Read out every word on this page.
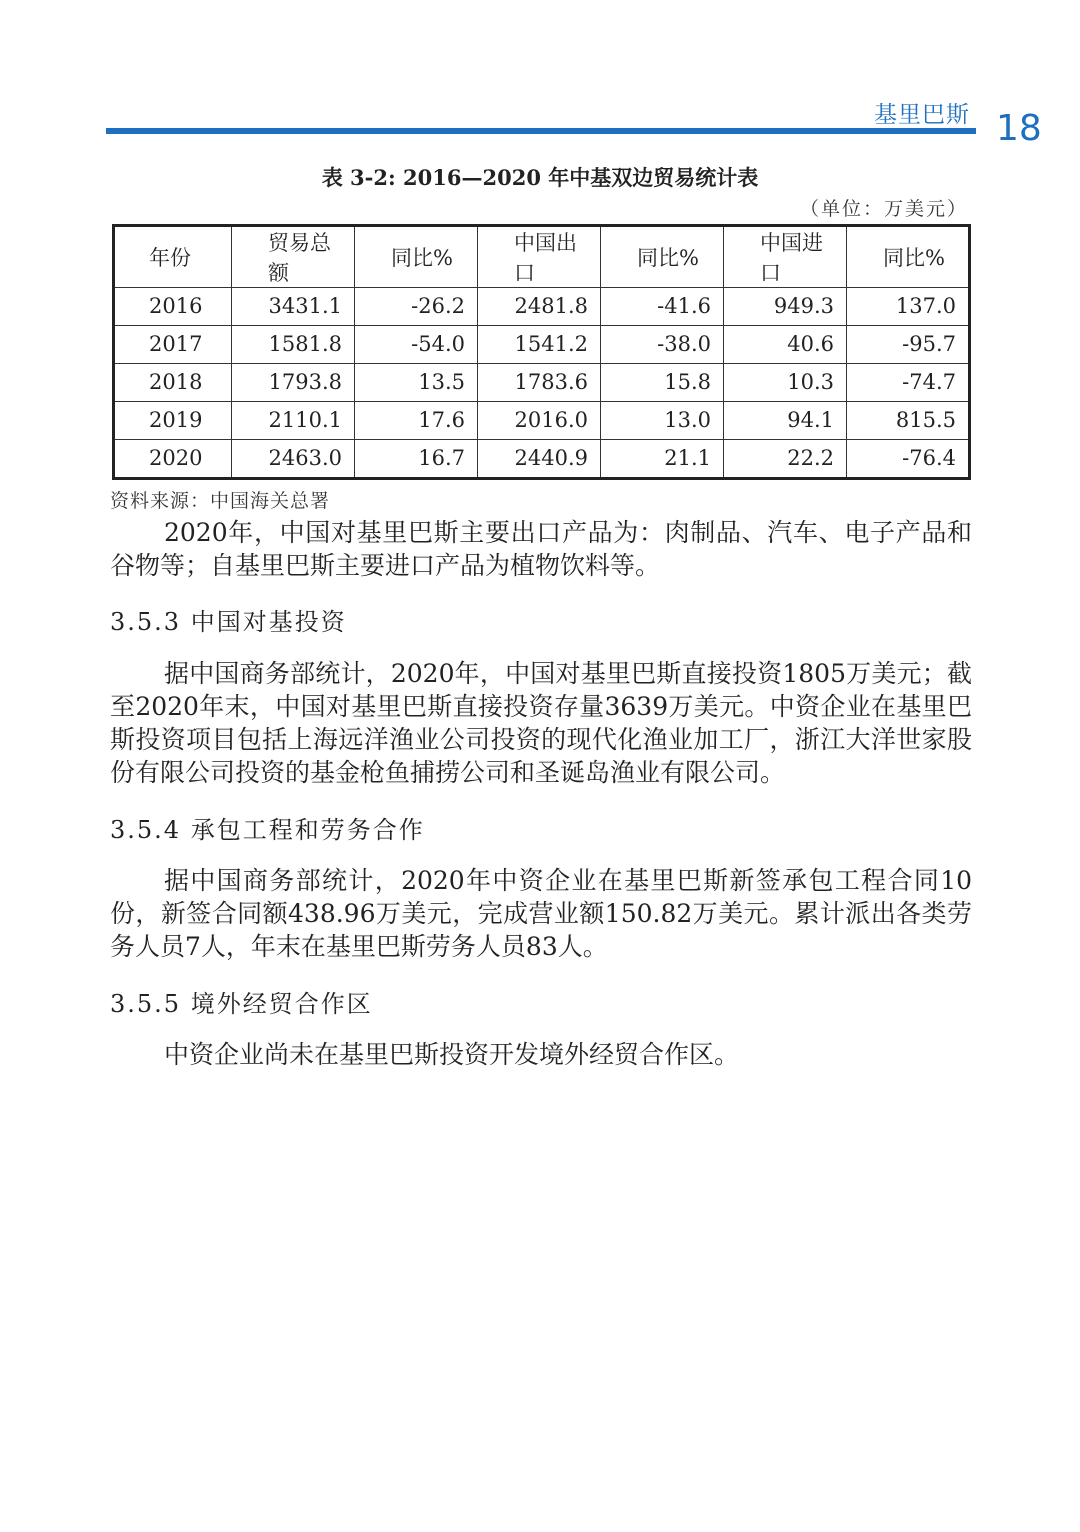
基里巴斯 18
表 3-2: 2016—2020 年中基双边贸易统计表
（单位：万美元）
年份	贸易总额	同比%	中国出口	同比%	中国进口	同比%
2016	3431.1	-26.2	2481.8	-41.6	949.3	137.0
2017	1581.8	-54.0	1541.2	-38.0	40.6	-95.7
2018	1793.8	13.5	1783.6	15.8	10.3	-74.7
2019	2110.1	17.6	2016.0	13.0	94.1	815.5
2020	2463.0	16.7	2440.9	21.1	22.2	-76.4
资料来源：中国海关总署

2020年，中国对基里巴斯主要出口产品为：肉制品、汽车、电子产品和谷物等；自基里巴斯主要进口产品为植物饮料等。

3.5.3 中国对基投资

据中国商务部统计，2020年，中国对基里巴斯直接投资1805万美元；截至2020年末，中国对基里巴斯直接投资存量3639万美元。中资企业在基里巴斯投资项目包括上海远洋渔业公司投资的现代化渔业加工厂，浙江大洋世家股份有限公司投资的基金枪鱼捕捞公司和圣诞岛渔业有限公司。

3.5.4 承包工程和劳务合作

据中国商务部统计，2020年中资企业在基里巴斯新签承包工程合同10份，新签合同额438.96万美元，完成营业额150.82万美元。累计派出各类劳务人员7人，年末在基里巴斯劳务人员83人。

3.5.5 境外经贸合作区

中资企业尚未在基里巴斯投资开发境外经贸合作区。
